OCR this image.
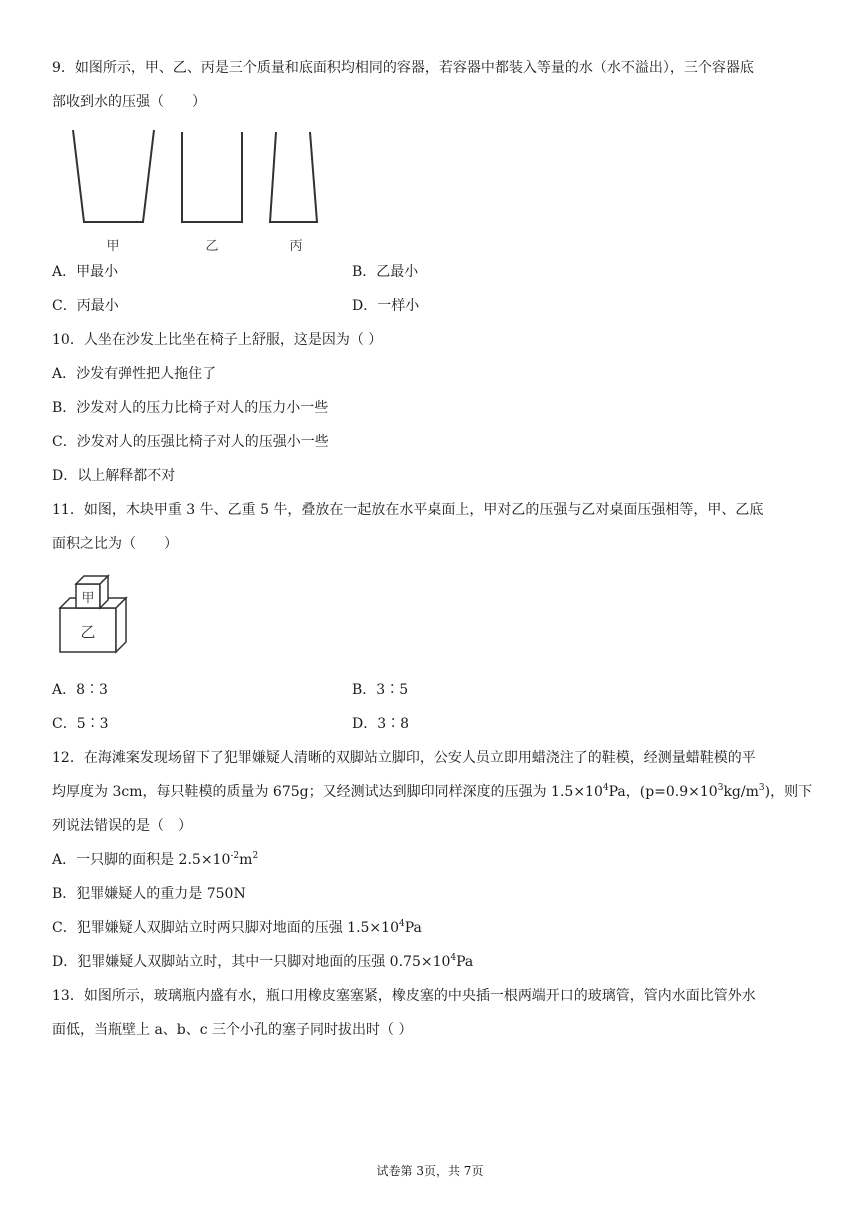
9．如图所示，甲、乙、丙是三个质量和底面积均相同的容器，若容器中都装入等量的水（水不溢出），三个容器底
部收到水的压强（　　）
甲	乙	丙
A．甲最小	B．乙最小
C．丙最小	D．一样小
10．人坐在沙发上比坐在椅子上舒服，这是因为（ ）
A．沙发有弹性把人拖住了
B．沙发对人的压力比椅子对人的压力小一些
C．沙发对人的压强比椅子对人的压强小一些
D．以上解释都不对
11．如图，木块甲重 3 牛、乙重 5 牛，叠放在一起放在水平桌面上，甲对乙的压强与乙对桌面压强相等，甲、乙底
面积之比为（　　）
甲
乙
A．8∶3	B．3∶5
C．5∶3	D．3∶8
12．在海滩案发现场留下了犯罪嫌疑人清晰的双脚站立脚印，公安人员立即用蜡浇注了的鞋模，经测量蜡鞋模的平
均厚度为 3cm，每只鞋模的质量为 675g；又经测试达到脚印同样深度的压强为 $1.5\times 10^4Pa$，$(p=0.9\times 10^3kg/m^3)$，则下
列说法错误的是（　）
A．一只脚的面积是 $2.5\times 10^{-2}m^2$
B．犯罪嫌疑人的重力是 750N
C．犯罪嫌疑人双脚站立时两只脚对地面的压强 $1.5\times 10^4Pa$
D．犯罪嫌疑人双脚站立时，其中一只脚对地面的压强 $0.75\times 10^4Pa$
13．如图所示，玻璃瓶内盛有水，瓶口用橡皮塞塞紧，橡皮塞的中央插一根两端开口的玻璃管，管内水面比管外水
面低，当瓶壁上 a、b、c 三个小孔的塞子同时拔出时（ ）
试卷第 3页，共 7页
